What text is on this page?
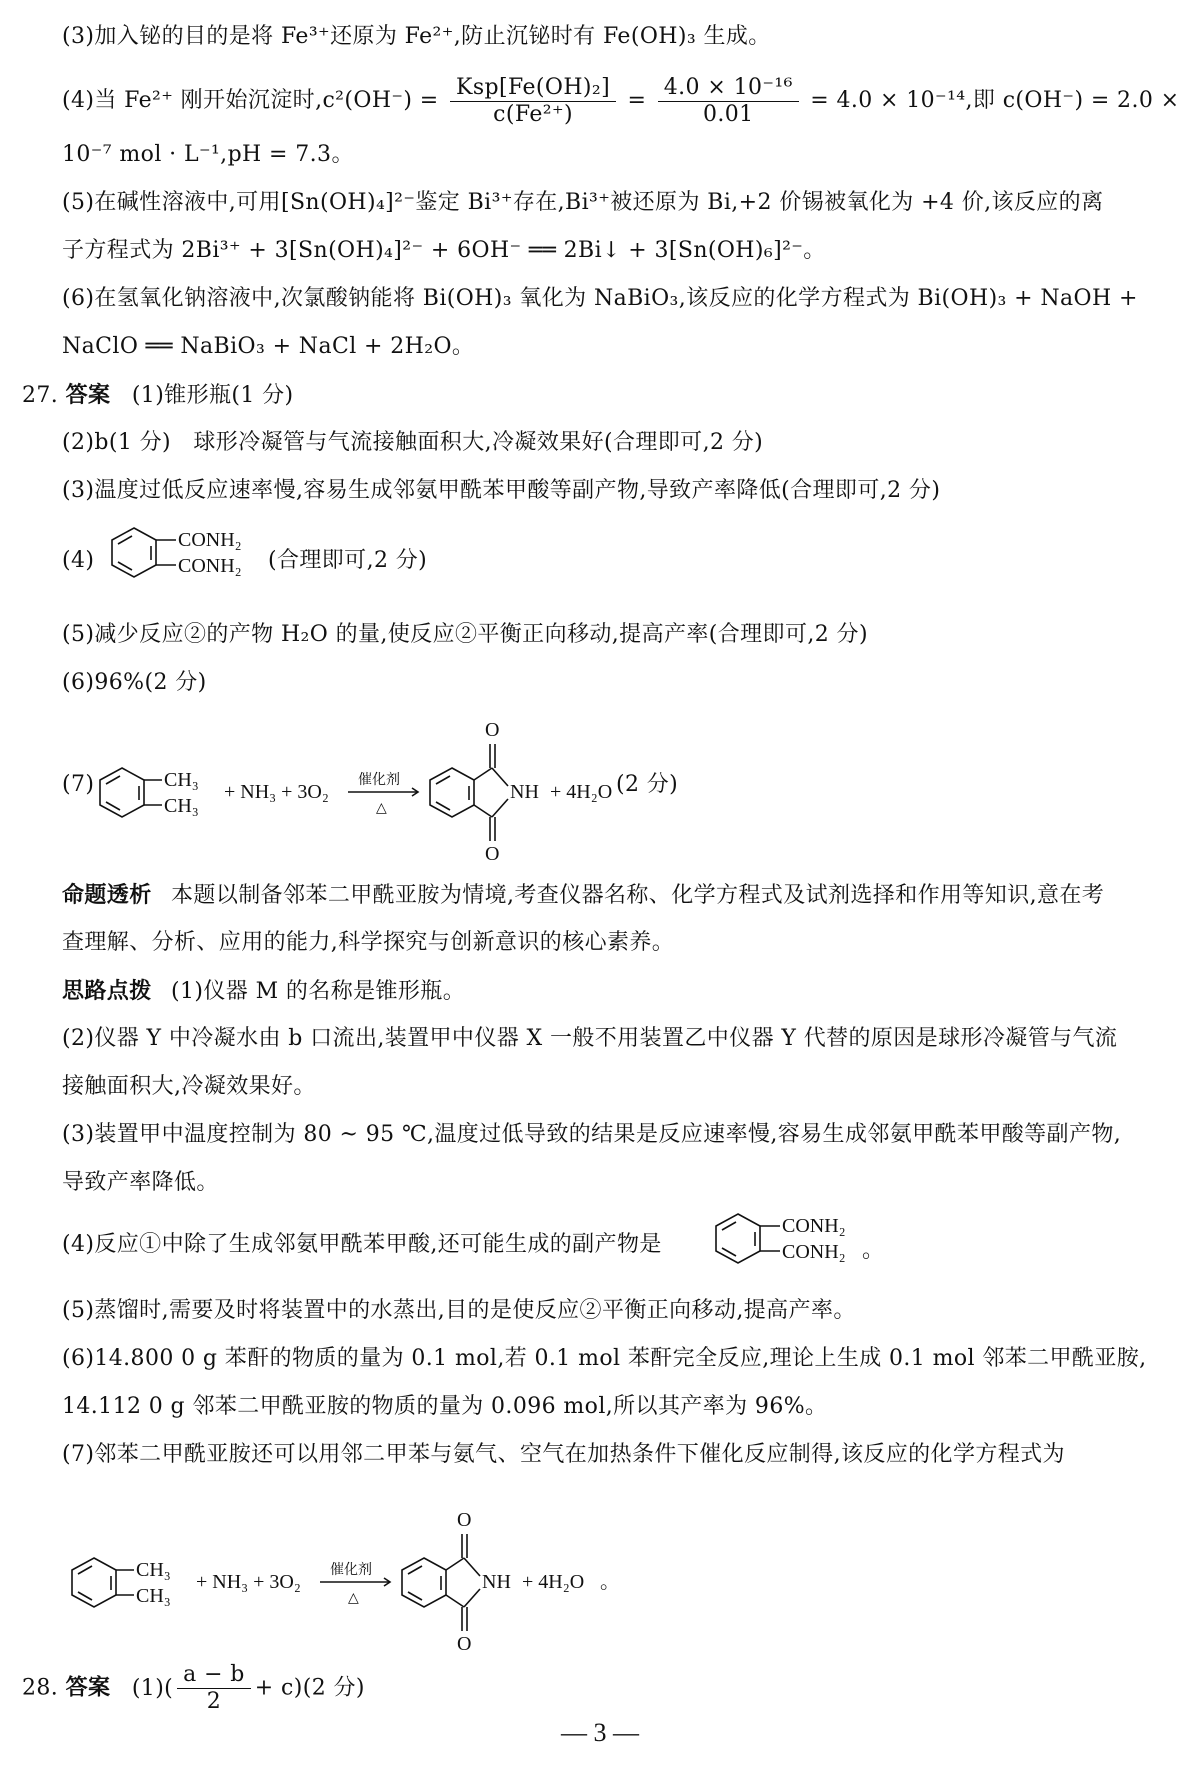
(3)加入铋的目的是将 Fe³⁺还原为 Fe²⁺,防止沉铋时有 Fe(OH)₃ 生成。
(4)当 Fe²⁺ 刚开始沉淀时$,c^2(OH^-) = \frac{\text{Ksp[Fe(OH)₂]}}{\text{c(Fe²⁺)}} = \frac{\text{4.0 × 10⁻¹⁶}}{0.01} = 4.0 \times 10^{-14}$,即 c(OH⁻) = 2.0 ×
10⁻⁷ mol · L⁻¹,pH = 7.3。
(5)在碱性溶液中,可用[Sn(OH)₄]²⁻鉴定 Bi³⁺存在,Bi³⁺被还原为 Bi,+2 价锡被氧化为 +4 价,该反应的离
子方程式为 2Bi³⁺ + 3[Sn(OH)₄]²⁻ + 6OH⁻ ══ 2Bi↓ + 3[Sn(OH)₆]²⁻。
(6)在氢氧化钠溶液中,次氯酸钠能将 Bi(OH)₃ 氧化为 NaBiO₃,该反应的化学方程式为 Bi(OH)₃ + NaOH +
NaClO ══ NaBiO₃ + NaCl + 2H₂O。
27. 答案 (1)锥形瓶(1 分)
(2)b(1 分)　球形冷凝管与气流接触面积大,冷凝效果好(合理即可,2 分)
(3)温度过低反应速率慢,容易生成邻氨甲酰苯甲酸等副产物,导致产率降低(合理即可,2 分)
(4)
CONH₂
CONH₂ (合理即可,2 分)
(5)减少反应②的产物 H₂O 的量,使反应②平衡正向移动,提高产率(合理即可,2 分)
(6)96%(2 分)
(7)	CH₃
CH₃
+ NH₃ + 3O₂
催化剂
△
O
O
NH + 4H₂O (2 分)
命题透析 本题以制备邻苯二甲酰亚胺为情境,考查仪器名称、化学方程式及试剂选择和作用等知识,意在考
查理解、分析、应用的能力,科学探究与创新意识的核心素养。
思路点拨 (1)仪器 M 的名称是锥形瓶。
(2)仪器 Y 中冷凝水由 b 口流出,装置甲中仪器 X 一般不用装置乙中仪器 Y 代替的原因是球形冷凝管与气流
接触面积大,冷凝效果好。
(3)装置甲中温度控制为 80 ~ 95 ℃,温度过低导致的结果是反应速率慢,容易生成邻氨甲酰苯甲酸等副产物,
导致产率降低。
(4)反应①中除了生成邻氨甲酰苯甲酸,还可能生成的副产物是
CONH₂
CONH₂ 。
(5)蒸馏时,需要及时将装置中的水蒸出,目的是使反应②平衡正向移动,提高产率。
(6)14.800 0 g 苯酐的物质的量为 0.1 mol,若 0.1 mol 苯酐完全反应,理论上生成 0.1 mol 邻苯二甲酰亚胺,
14.112 0 g 邻苯二甲酰亚胺的物质的量为 0.096 mol,所以其产率为 96%。
(7)邻苯二甲酰亚胺还可以用邻二甲苯与氨气、空气在加热条件下催化反应制得,该反应的化学方程式为
CH₃
CH₃
+ NH₃ + 3O₂
催化剂
△
O
O
NH + 4H₂O 。
28. 答案 $(1)( \frac{a - b}{2} + c)(2$ 分)
— 3 —
